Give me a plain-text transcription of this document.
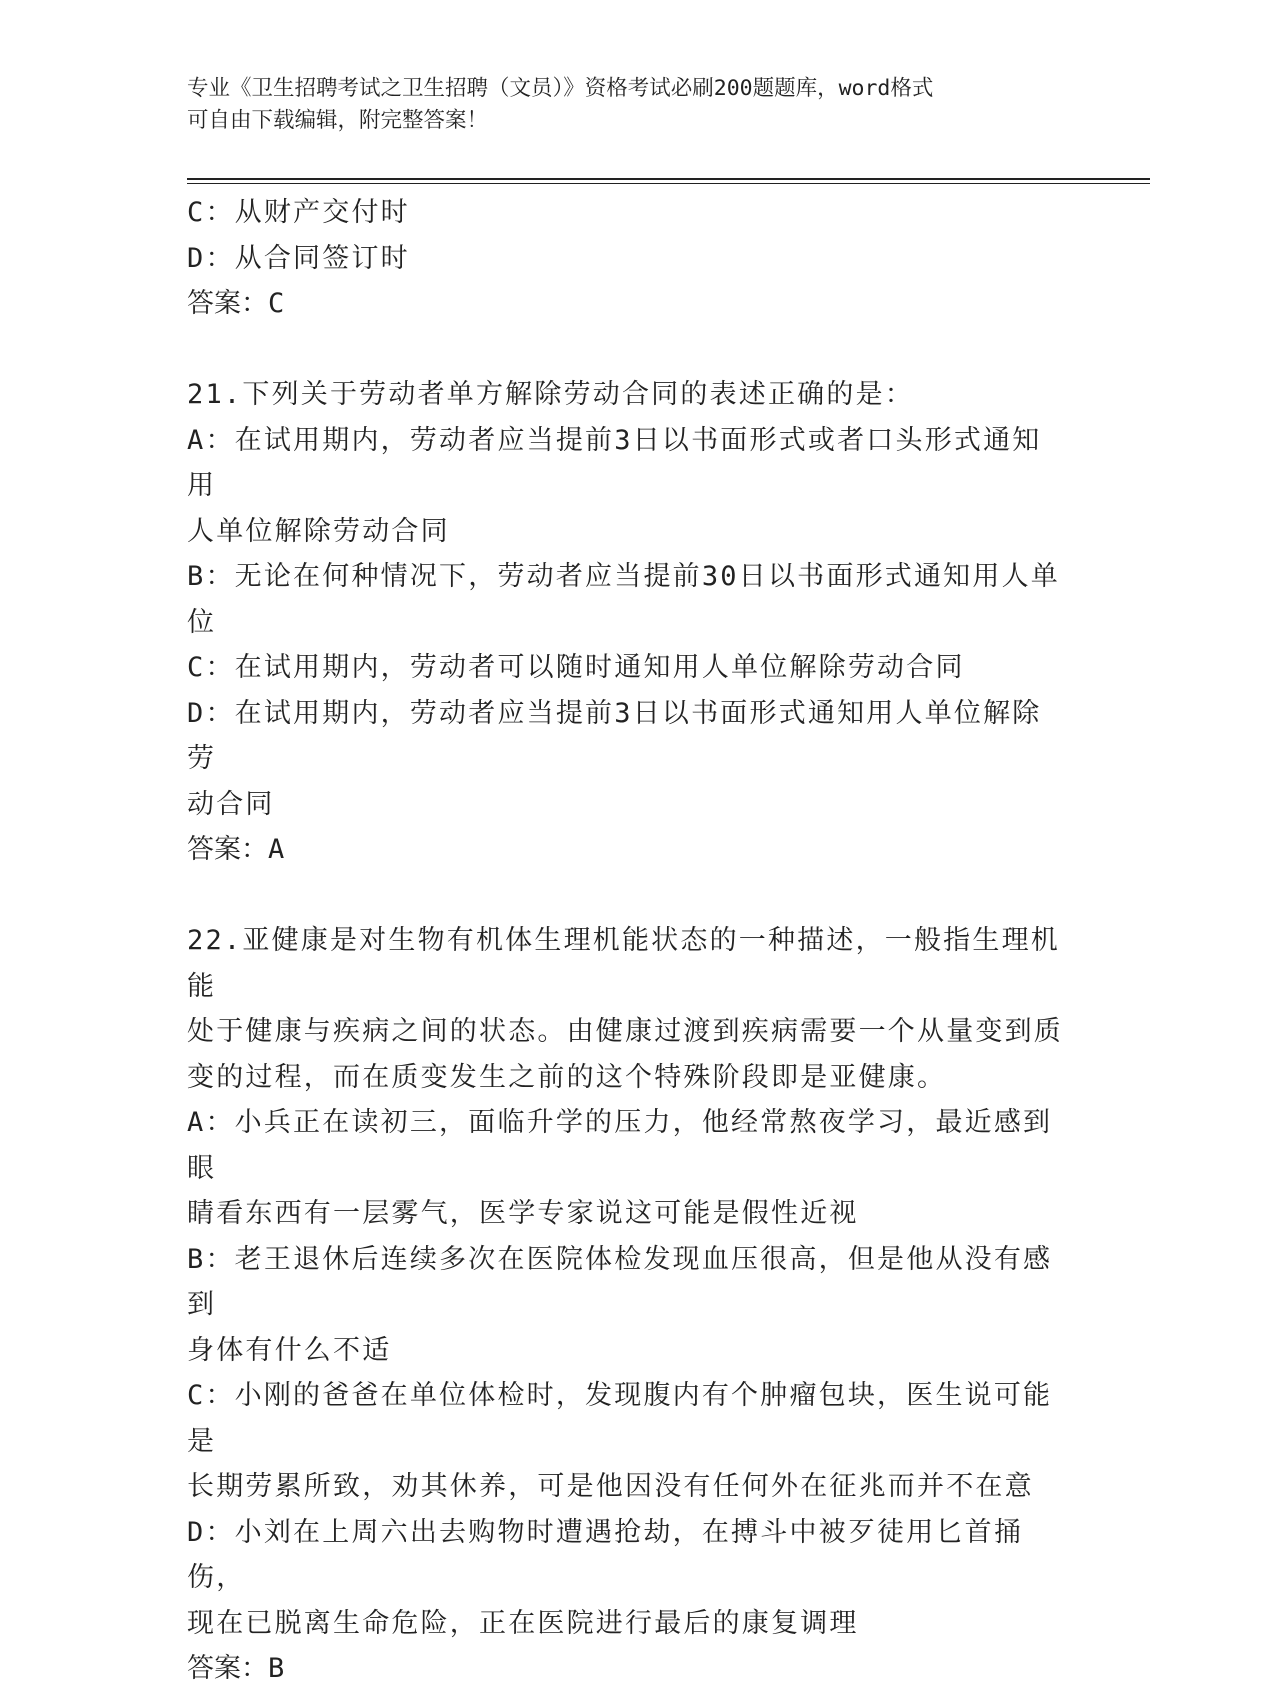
专业《卫生招聘考试之卫生招聘（文员）》资格考试必刷200题题库，word格式
可自由下载编辑，附完整答案！

C：从财产交付时

D：从合同签订时

答案：C

21.下列关于劳动者单方解除劳动合同的表述正确的是：

A：在试用期内，劳动者应当提前3日以书面形式或者口头形式通知用

人单位解除劳动合同

B：无论在何种情况下，劳动者应当提前30日以书面形式通知用人单

位

C：在试用期内，劳动者可以随时通知用人单位解除劳动合同

D：在试用期内，劳动者应当提前3日以书面形式通知用人单位解除劳

动合同

答案：A

22.亚健康是对生物有机体生理机能状态的一种描述，一般指生理机能

处于健康与疾病之间的状态。由健康过渡到疾病需要一个从量变到质

变的过程，而在质变发生之前的这个特殊阶段即是亚健康。

A：小兵正在读初三，面临升学的压力，他经常熬夜学习，最近感到眼

睛看东西有一层雾气，医学专家说这可能是假性近视

B：老王退休后连续多次在医院体检发现血压很高，但是他从没有感到

身体有什么不适

C：小刚的爸爸在单位体检时，发现腹内有个肿瘤包块，医生说可能是

长期劳累所致，劝其休养，可是他因没有任何外在征兆而并不在意

D：小刘在上周六出去购物时遭遇抢劫，在搏斗中被歹徒用匕首捅伤，

现在已脱离生命危险，正在医院进行最后的康复调理

答案：B
